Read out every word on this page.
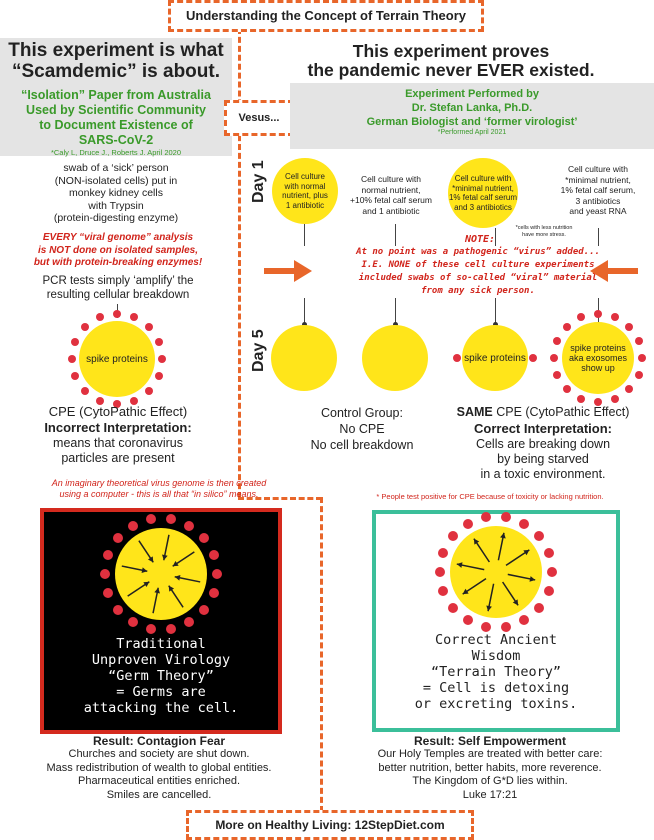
Understanding the Concept of Terrain Theory
This experiment is what
“Scamdemic” is about.
“Isolation” Paper from Australia
Used by Scientific Community
to Document Existence of
SARS-CoV-2
*Caly L, Druce J., Roberts J. April 2020
swab of a ‘sick’ person
(NON-isolated cells) put in
monkey kidney cells
with Trypsin
(protein-digesting enzyme)
EVERY “viral genome” analysis
is NOT done on isolated samples,
but with protein-breaking enzymes!
PCR tests simply ‘amplify’ the
resulting cellular breakdown
spike proteins
CPE (CytoPathic Effect)
Incorrect Interpretation:
means that coronavirus
particles are present
Vesus...
This experiment proves
the pandemic never EVER existed.
Experiment Performed by
Dr. Stefan Lanka, Ph.D.
German Biologist and ‘former virologist’
*Performed April 2021
Day 1
Day 5
Cell culture
with normal
nutrient, plus
1 antibiotic
Cell culture with
normal nutrient,
+10% fetal calf serum
and 1 antibiotic
Cell culture with
*minimal nutrient,
1% fetal calf serum
and 3 antibiotics
Cell culture with
*minimal nutrient,
1% fetal calf serum,
3 antibiotics
and yeast RNA
*cells with less nutrition
have more stress.
NOTE:
At no point was a pathogenic “virus” added...
I.E. NONE of these cell culture experiments
included swabs of so-called “viral” material
from any sick person.
spike proteins
spike proteins
aka exosomes
show up
Control Group:
No CPE
No cell breakdown
SAME CPE (CytoPathic Effect)
Correct Interpretation:
Cells are breaking down
by being starved
in a toxic environment.
An imaginary theoretical virus genome is then created
using a computer - this is all that “in silico” means.
Traditional
Unproven Virology
“Germ Theory”
= Germs are
attacking the cell.
Result: Contagion Fear
Churches and society are shut down.
Mass redistribution of wealth to global entities.
Pharmaceutical entities enriched.
Smiles are cancelled.
* People test positive for CPE because of toxicity or lacking nutrition.
Correct Ancient
Wisdom
“Terrain Theory”
= Cell is detoxing
or excreting toxins.
Result: Self Empowerment
Our Holy Temples are treated with better care:
better nutrition, better habits, more reverence.
The Kingdom of G*D lies within.
Luke 17:21
More on Healthy Living: 12StepDiet.com
